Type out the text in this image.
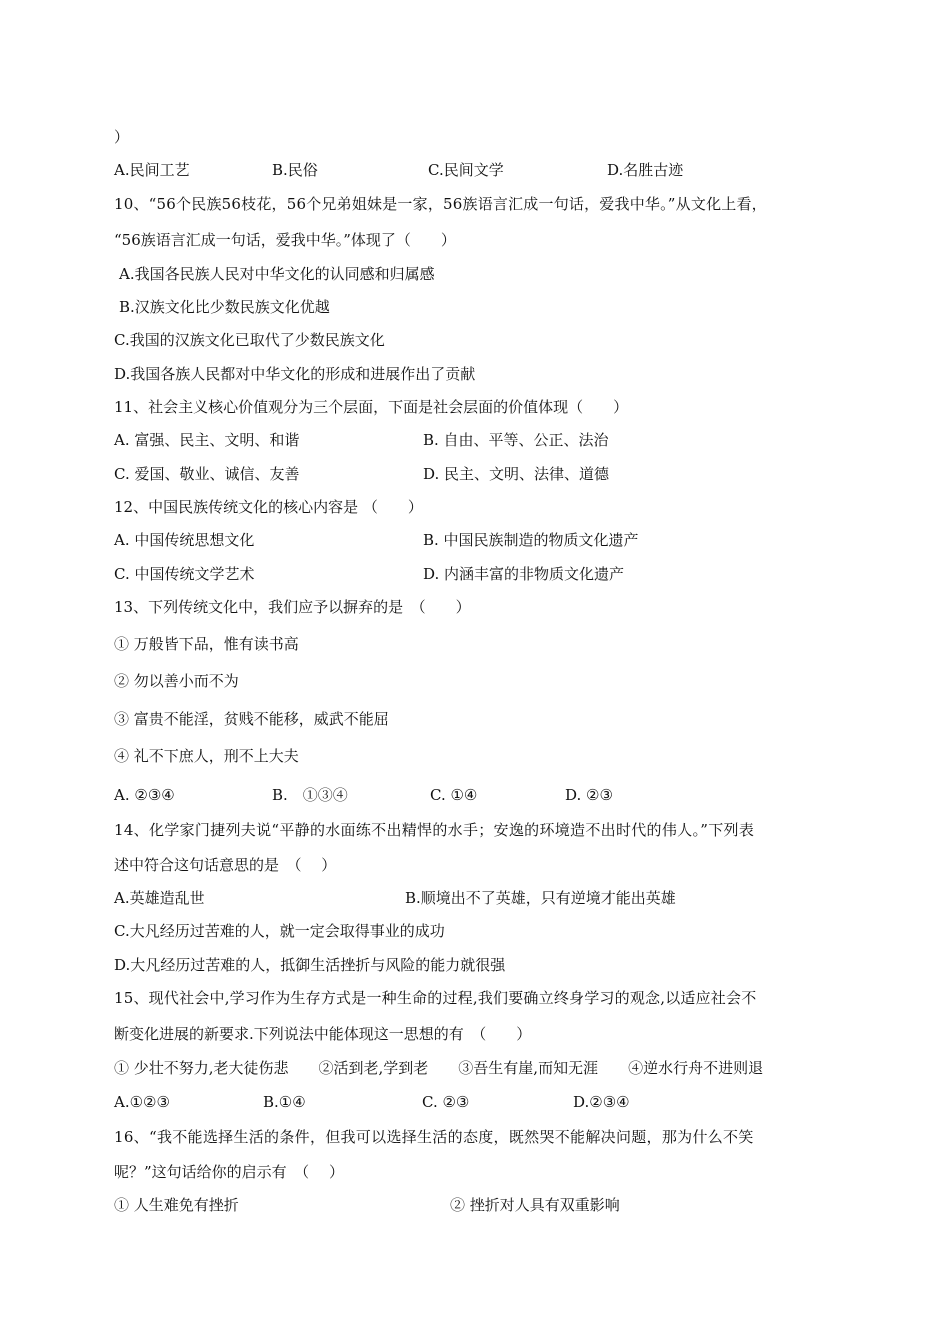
）
A.民间工艺	B.民俗	C.民间文学	D.名胜古迹
10、“56个民族56枝花，56个兄弟姐妹是一家，56族语言汇成一句话，爱我中华。”从文化上看，
“56族语言汇成一句话，爱我中华。”体现了（　　）
A.我国各民族人民对中华文化的认同感和归属感
B.汉族文化比少数民族文化优越
C.我国的汉族文化已取代了少数民族文化
D.我国各族人民都对中华文化的形成和进展作出了贡献
11、社会主义核心价值观分为三个层面，下面是社会层面的价值体现（　　）
A. 富强、民主、文明、和谐	B. 自由、平等、公正、法治
C. 爱国、敬业、诚信、友善	D. 民主、文明、法律、道德
12、中国民族传统文化的核心内容是 （　　）
A. 中国传统思想文化	B. 中国民族制造的物质文化遗产
C. 中国传统文学艺术	D. 内涵丰富的非物质文化遗产
13、下列传统文化中，我们应予以摒弃的是　（　　）
① 万般皆下品，惟有读书高
② 勿以善小而不为
③ 富贵不能淫，贫贱不能移，威武不能屈
④ 礼不下庶人，刑不上大夫
A. ②③④	B.　①③④	C. ①④	D. ②③
14、化学家门捷列夫说“平静的水面练不出精悍的水手；安逸的环境造不出时代的伟人。”下列表
述中符合这句话意思的是　（　 ）
A.英雄造乱世	B.顺境出不了英雄，只有逆境才能出英雄
C.大凡经历过苦难的人，就一定会取得事业的成功
D.大凡经历过苦难的人，抵御生活挫折与风险的能力就很强
15、现代社会中,学习作为生存方式是一种生命的过程,我们要确立终身学习的观念,以适应社会不
断变化进展的新要求.下列说法中能体现这一思想的有　（　　）
① 少壮不努力,老大徒伤悲　　②活到老,学到老　　③吾生有崖,而知无涯　　④逆水行舟不进则退
A.①②③	B.①④	C. ②③	D.②③④
16、“我不能选择生活的条件，但我可以选择生活的态度，既然哭不能解决问题，那为什么不笑
呢？”这句话给你的启示有　（　 ）
① 人生难免有挫折	② 挫折对人具有双重影响
